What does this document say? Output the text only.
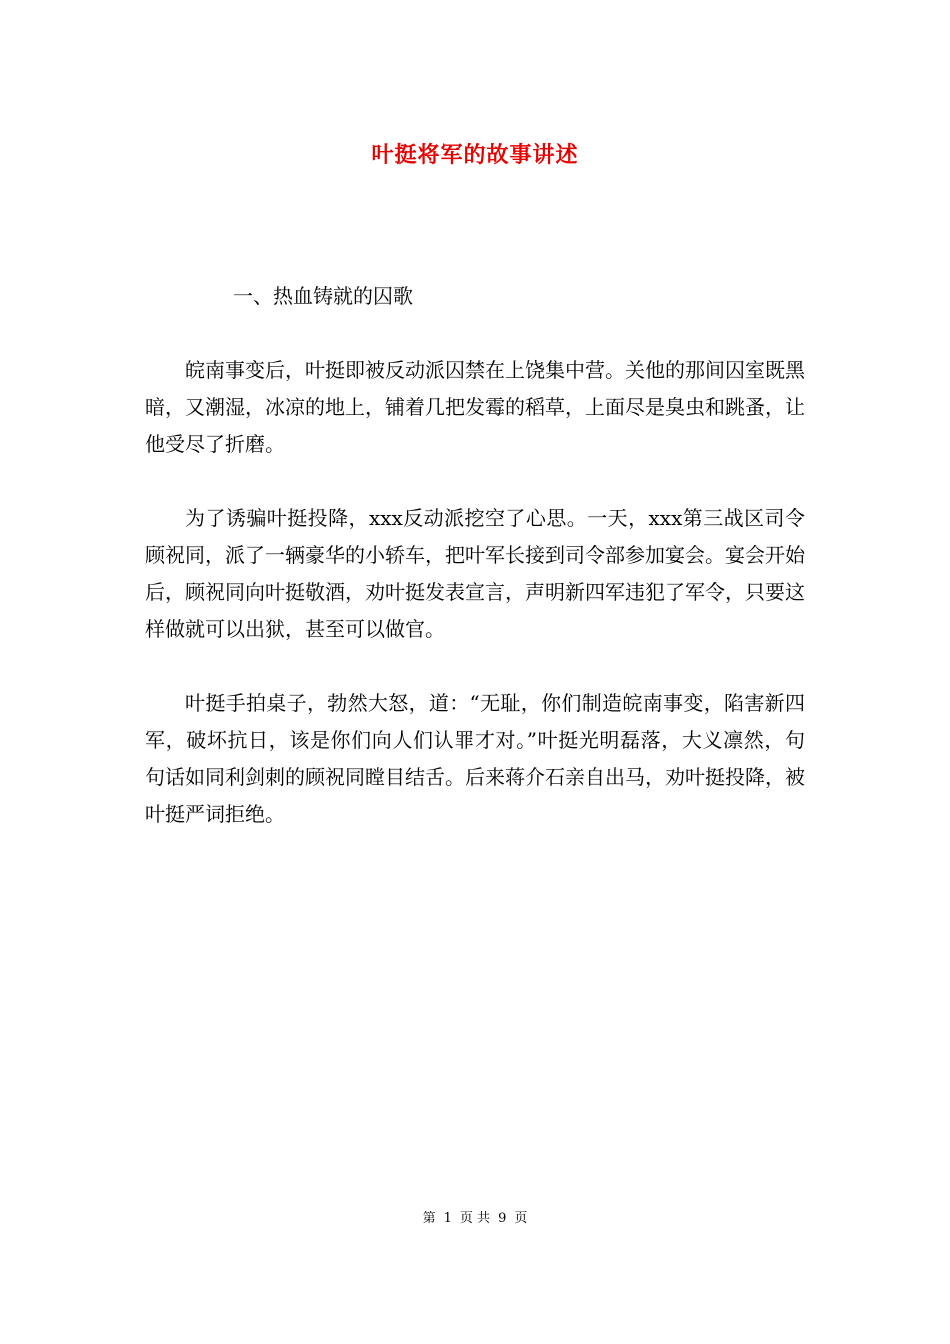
叶挺将军的故事讲述
一、热血铸就的囚歌

皖南事变后，叶挺即被反动派囚禁在上饶集中营。关他的那间囚室既黑暗，又潮湿，冰凉的地上，铺着几把发霉的稻草，上面尽是臭虫和跳蚤，让他受尽了折磨。

为了诱骗叶挺投降，xxx反动派挖空了心思。一天，xxx第三战区司令顾祝同，派了一辆豪华的小轿车，把叶军长接到司令部参加宴会。宴会开始后，顾祝同向叶挺敬酒，劝叶挺发表宣言，声明新四军违犯了军令，只要这样做就可以出狱，甚至可以做官。

叶挺手拍桌子，勃然大怒，道：“无耻，你们制造皖南事变，陷害新四军，破坏抗日，该是你们向人们认罪才对。”叶挺光明磊落，大义凛然，句句话如同利剑刺的顾祝同瞠目结舌。后来蒋介石亲自出马，劝叶挺投降，被叶挺严词拒绝。

第 1 页 共 9 页
